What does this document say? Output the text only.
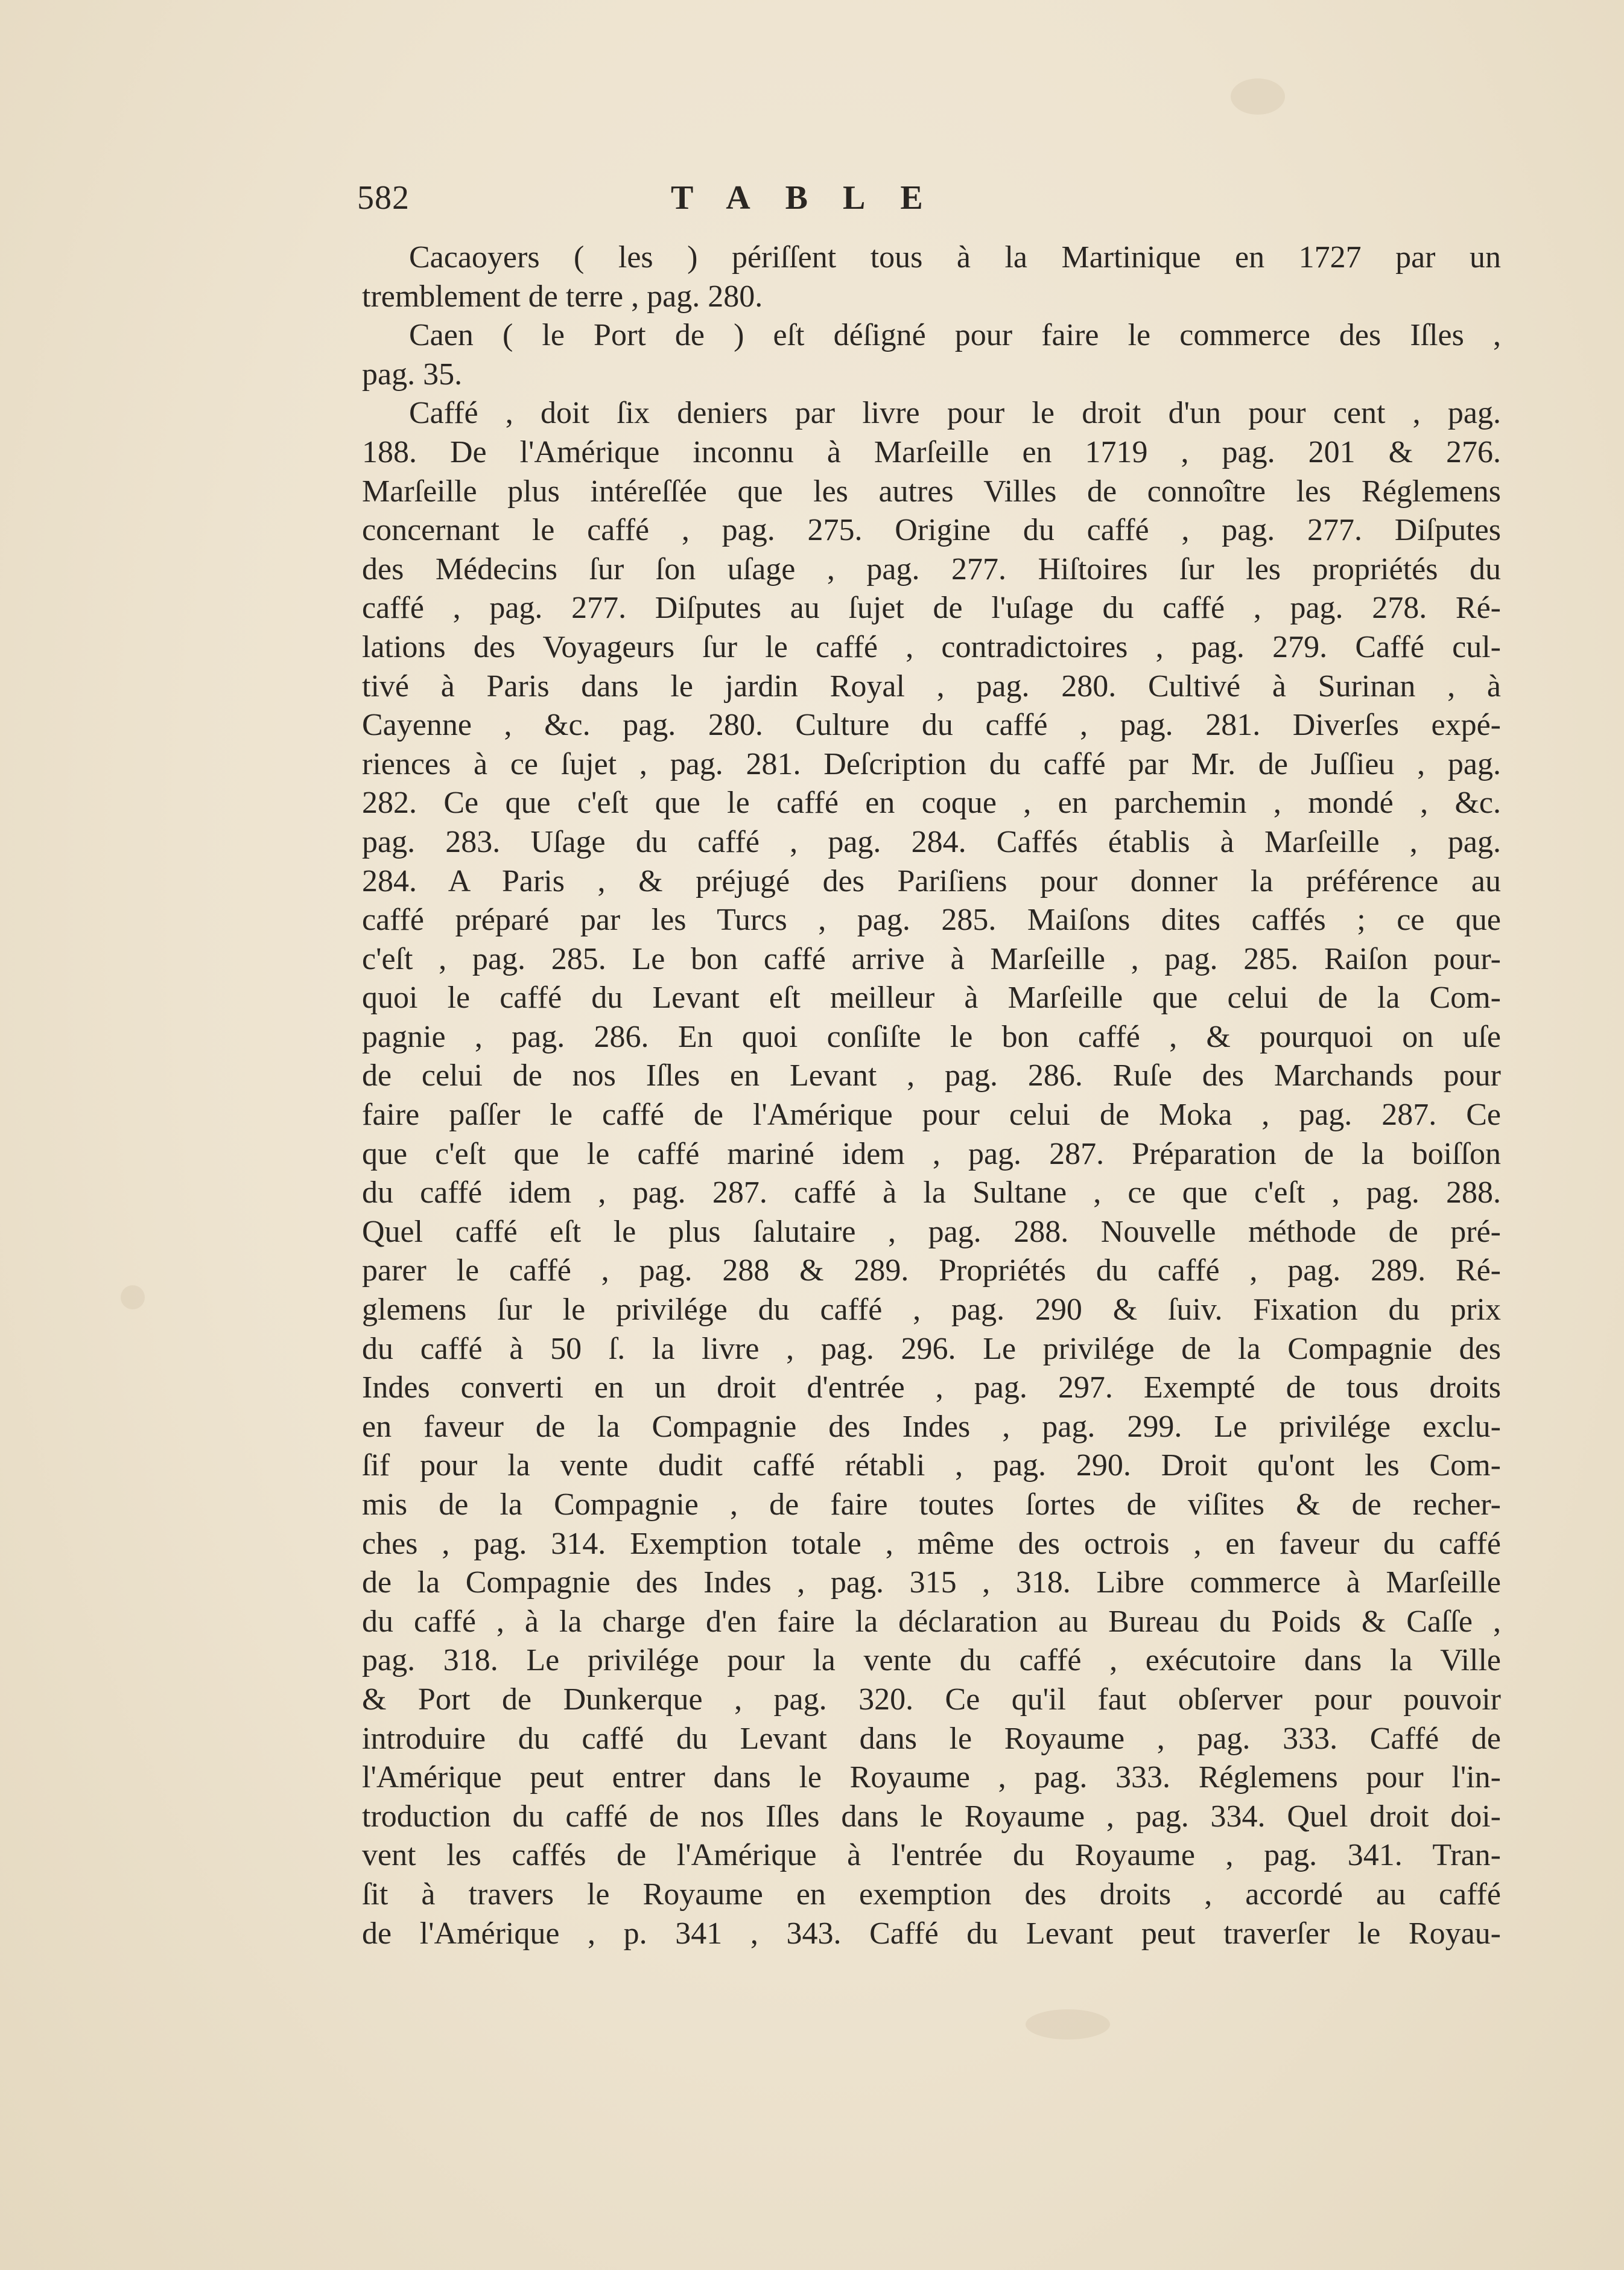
582	TABLE
Cacaoyers ( les ) périſſent tous à la Martinique en 1727 par un
tremblement de terre , pag. 280.
Caen ( le Port de ) eſt déſigné pour faire le commerce des Iſles ,
pag. 35.
Caffé , doit ſix deniers par livre pour le droit d'un pour cent , pag.
188. De l'Amérique inconnu à Marſeille en 1719 , pag. 201 & 276.
Marſeille plus intéreſſée que les autres Villes de connoître les Réglemens
concernant le caffé , pag. 275. Origine du caffé , pag. 277. Diſputes
des Médecins ſur ſon uſage , pag. 277. Hiſtoires ſur les propriétés du
caffé , pag. 277. Diſputes au ſujet de l'uſage du caffé , pag. 278. Ré-
lations des Voyageurs ſur le caffé , contradictoires , pag. 279. Caffé cul-
tivé à Paris dans le jardin Royal , pag. 280. Cultivé à Surinan , à
Cayenne , &c. pag. 280. Culture du caffé , pag. 281. Diverſes expé-
riences à ce ſujet , pag. 281. Deſcription du caffé par Mr. de Juſſieu , pag.
282. Ce que c'eſt que le caffé en coque , en parchemin , mondé , &c.
pag. 283. Uſage du caffé , pag. 284. Caffés établis à Marſeille , pag.
284. A Paris , & préjugé des Pariſiens pour donner la préférence au
caffé préparé par les Turcs , pag. 285. Maiſons dites caffés ; ce que
c'eſt , pag. 285. Le bon caffé arrive à Marſeille , pag. 285. Raiſon pour-
quoi le caffé du Levant eſt meilleur à Marſeille que celui de la Com-
pagnie , pag. 286. En quoi conſiſte le bon caffé , & pourquoi on uſe
de celui de nos Iſles en Levant , pag. 286. Ruſe des Marchands pour
faire paſſer le caffé de l'Amérique pour celui de Moka , pag. 287. Ce
que c'eſt que le caffé mariné idem , pag. 287. Préparation de la boiſſon
du caffé idem , pag. 287. caffé à la Sultane , ce que c'eſt , pag. 288.
Quel caffé eſt le plus ſalutaire , pag. 288. Nouvelle méthode de pré-
parer le caffé , pag. 288 & 289. Propriétés du caffé , pag. 289. Ré-
glemens ſur le privilége du caffé , pag. 290 & ſuiv. Fixation du prix
du caffé à 50 ſ. la livre , pag. 296. Le privilége de la Compagnie des
Indes converti en un droit d'entrée , pag. 297. Exempté de tous droits
en faveur de la Compagnie des Indes , pag. 299. Le privilége exclu-
ſif pour la vente dudit caffé rétabli , pag. 290. Droit qu'ont les Com-
mis de la Compagnie , de faire toutes ſortes de viſites & de recher-
ches , pag. 314. Exemption totale , même des octrois , en faveur du caffé
de la Compagnie des Indes , pag. 315 , 318. Libre commerce à Marſeille
du caffé , à la charge d'en faire la déclaration au Bureau du Poids & Caſſe ,
pag. 318. Le privilége pour la vente du caffé , exécutoire dans la Ville
& Port de Dunkerque , pag. 320. Ce qu'il faut obſerver pour pouvoir
introduire du caffé du Levant dans le Royaume , pag. 333. Caffé de
l'Amérique peut entrer dans le Royaume , pag. 333. Réglemens pour l'in-
troduction du caffé de nos Iſles dans le Royaume , pag. 334. Quel droit doi-
vent les caffés de l'Amérique à l'entrée du Royaume , pag. 341. Tran-
ſit à travers le Royaume en exemption des droits , accordé au caffé
de l'Amérique , p. 341 , 343. Caffé du Levant peut traverſer le Royau-
